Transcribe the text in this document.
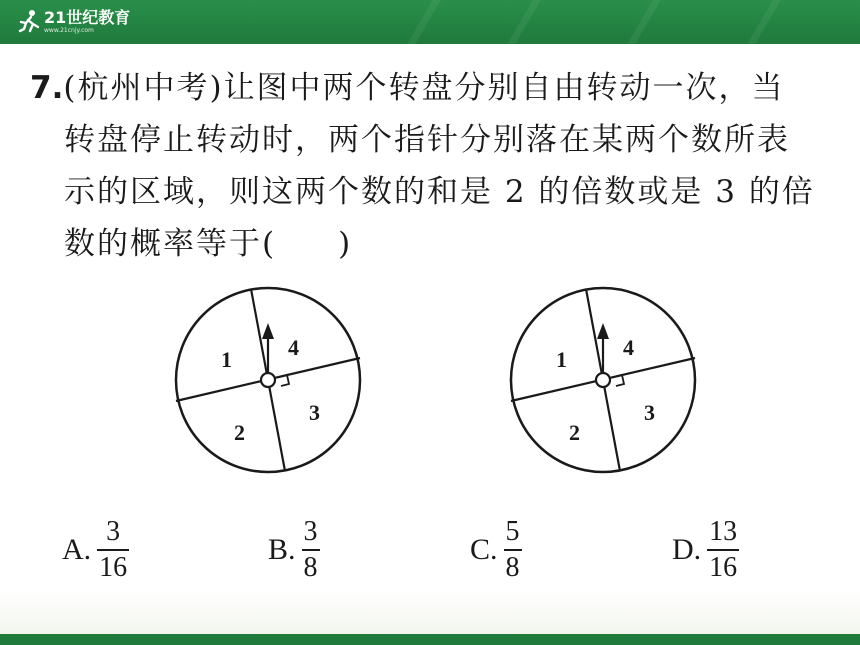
21世纪教育
www.21cnjy.com
7.(杭州中考)让图中两个转盘分别自由转动一次，当
转盘停止转动时，两个指针分别落在某两个数所表
示的区域，则这两个数的和是 2 的倍数或是 3 的倍
数的概率等于( )
1	4
2
3
1	4
2
3
A. $\frac{3}{16}$	B. $\frac{3}{8}$	C. $\frac{5}{8}$	D. $\frac{13}{16}$
